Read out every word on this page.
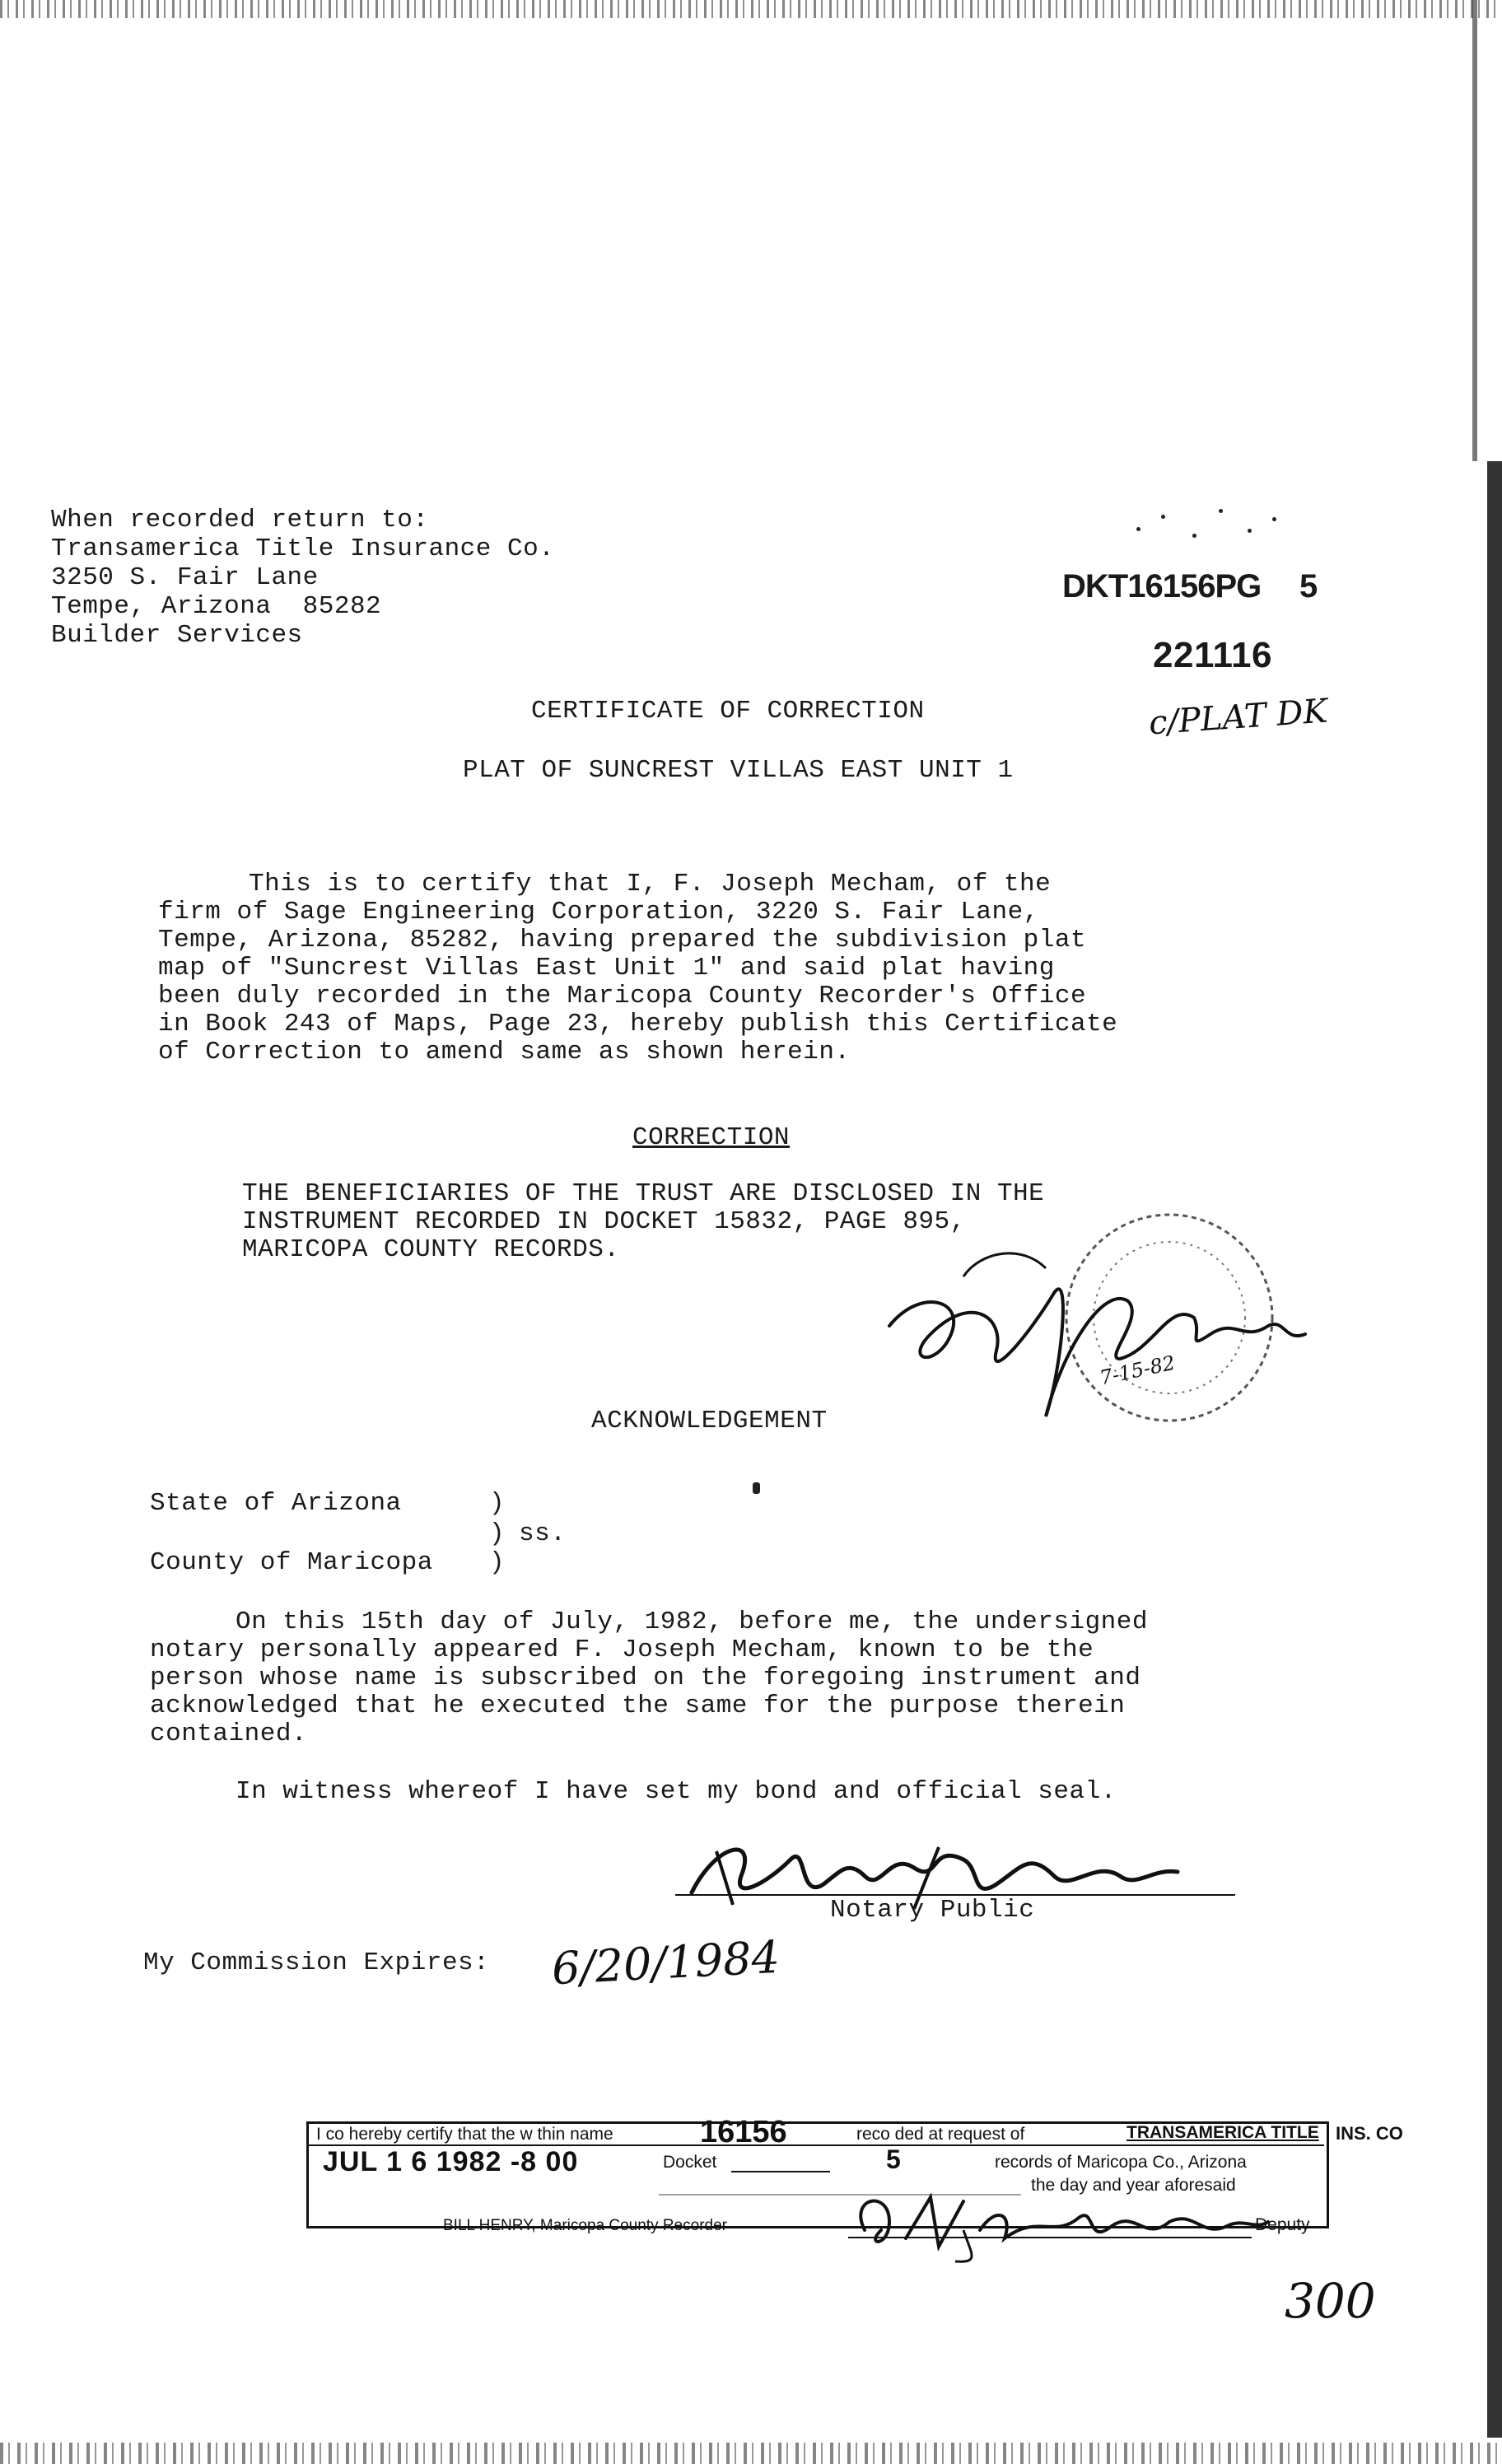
When recorded return to:
Transamerica Title Insurance Co.
3250 S. Fair Lane
Tempe, Arizona  85282
Builder Services
DKT16156PG 5
221116
c/PLAT DK
CERTIFICATE OF CORRECTION
PLAT OF SUNCREST VILLAS EAST UNIT 1
This is to certify that I, F. Joseph Mecham, of the
firm of Sage Engineering Corporation, 3220 S. Fair Lane,
Tempe, Arizona, 85282, having prepared the subdivision plat
map of "Suncrest Villas East Unit 1" and said plat having
been duly recorded in the Maricopa County Recorder's Office
in Book 243 of Maps, Page 23, hereby publish this Certificate
of Correction to amend same as shown herein.
CORRECTION
THE BENEFICIARIES OF THE TRUST ARE DISCLOSED IN THE
INSTRUMENT RECORDED IN DOCKET 15832, PAGE 895,
MARICOPA COUNTY RECORDS.
7-15-82
ACKNOWLEDGEMENT
State of Arizona	)
) ss.
County of Maricopa )
On this 15th day of July, 1982, before me, the undersigned
notary personally appeared F. Joseph Mecham, known to be the
person whose name is subscribed on the foregoing instrument and
acknowledged that he executed the same for the purpose therein
contained.
In witness whereof I have set my bond and official seal.
Notary Public
My Commission Expires: 6/20/1984
I co hereby certify that the w thin name	16156	reco ded at request of	TRANSAMERICA TITLE INS. CO
JUL 1 6 1982 -8 00	Docket	5	records of Maricopa Co., Arizona
the day and year aforesaid
BILL HENRY, Maricopa County Recorder	Deputy
300
